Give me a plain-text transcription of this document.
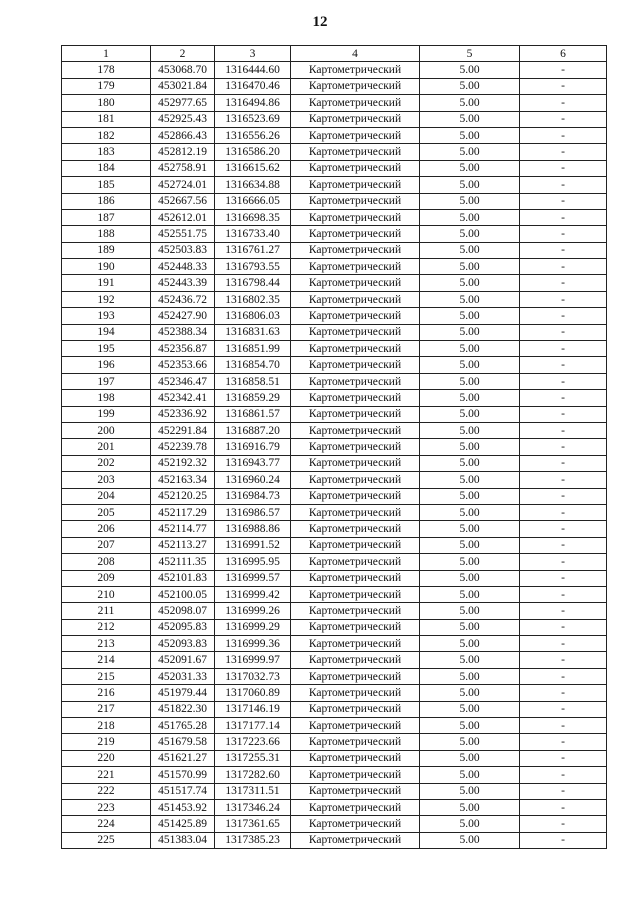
12
1	2	3	4	5	6
178	453068.70	1316444.60	Картометрический	5.00	-
179	453021.84	1316470.46	Картометрический	5.00	-
180	452977.65	1316494.86	Картометрический	5.00	-
181	452925.43	1316523.69	Картометрический	5.00	-
182	452866.43	1316556.26	Картометрический	5.00	-
183	452812.19	1316586.20	Картометрический	5.00	-
184	452758.91	1316615.62	Картометрический	5.00	-
185	452724.01	1316634.88	Картометрический	5.00	-
186	452667.56	1316666.05	Картометрический	5.00	-
187	452612.01	1316698.35	Картометрический	5.00	-
188	452551.75	1316733.40	Картометрический	5.00	-
189	452503.83	1316761.27	Картометрический	5.00	-
190	452448.33	1316793.55	Картометрический	5.00	-
191	452443.39	1316798.44	Картометрический	5.00	-
192	452436.72	1316802.35	Картометрический	5.00	-
193	452427.90	1316806.03	Картометрический	5.00	-
194	452388.34	1316831.63	Картометрический	5.00	-
195	452356.87	1316851.99	Картометрический	5.00	-
196	452353.66	1316854.70	Картометрический	5.00	-
197	452346.47	1316858.51	Картометрический	5.00	-
198	452342.41	1316859.29	Картометрический	5.00	-
199	452336.92	1316861.57	Картометрический	5.00	-
200	452291.84	1316887.20	Картометрический	5.00	-
201	452239.78	1316916.79	Картометрический	5.00	-
202	452192.32	1316943.77	Картометрический	5.00	-
203	452163.34	1316960.24	Картометрический	5.00	-
204	452120.25	1316984.73	Картометрический	5.00	-
205	452117.29	1316986.57	Картометрический	5.00	-
206	452114.77	1316988.86	Картометрический	5.00	-
207	452113.27	1316991.52	Картометрический	5.00	-
208	452111.35	1316995.95	Картометрический	5.00	-
209	452101.83	1316999.57	Картометрический	5.00	-
210	452100.05	1316999.42	Картометрический	5.00	-
211	452098.07	1316999.26	Картометрический	5.00	-
212	452095.83	1316999.29	Картометрический	5.00	-
213	452093.83	1316999.36	Картометрический	5.00	-
214	452091.67	1316999.97	Картометрический	5.00	-
215	452031.33	1317032.73	Картометрический	5.00	-
216	451979.44	1317060.89	Картометрический	5.00	-
217	451822.30	1317146.19	Картометрический	5.00	-
218	451765.28	1317177.14	Картометрический	5.00	-
219	451679.58	1317223.66	Картометрический	5.00	-
220	451621.27	1317255.31	Картометрический	5.00	-
221	451570.99	1317282.60	Картометрический	5.00	-
222	451517.74	1317311.51	Картометрический	5.00	-
223	451453.92	1317346.24	Картометрический	5.00	-
224	451425.89	1317361.65	Картометрический	5.00	-
225	451383.04	1317385.23	Картометрический	5.00	-
